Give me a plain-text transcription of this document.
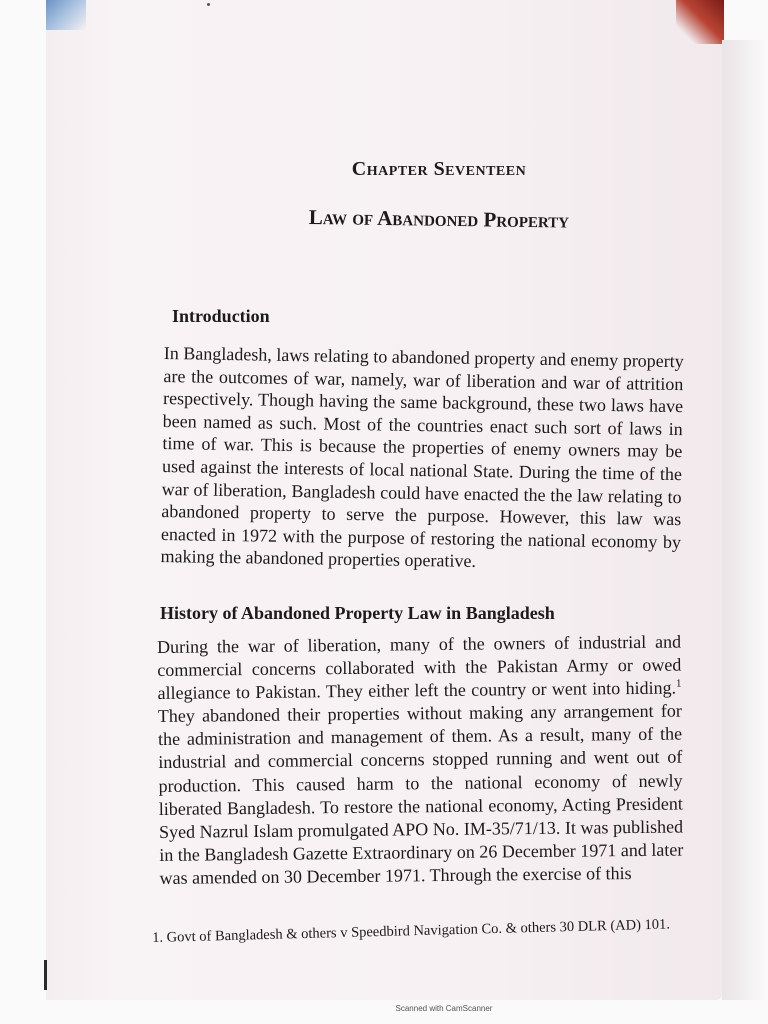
Chapter Seventeen
Law of Abandoned Property
Introduction

In Bangladesh, laws relating to abandoned property and enemy property are the outcomes of war, namely, war of liberation and war of attrition respectively. Though having the same background, these two laws have been named as such. Most of the countries enact such sort of laws in time of war. This is because the properties of enemy owners may be used against the interests of local national State. During the time of the war of liberation, Bangladesh could have enacted the the law relating to abandoned property to serve the purpose. However, this law was enacted in 1972 with the purpose of restoring the national economy by making the abandoned properties operative.

History of Abandoned Property Law in Bangladesh

During the war of liberation, many of the owners of industrial and commercial concerns collaborated with the Pakistan Army or owed allegiance to Pakistan. They either left the country or went into hiding.$^1$ They abandoned their properties without making any arrangement for the administration and management of them. As a result, many of the industrial and commercial concerns stopped running and went out of production. This caused harm to the national economy of newly liberated Bangladesh. To restore the national economy, Acting President Syed Nazrul Islam promulgated APO No. IM-35/71/13. It was published in the Bangladesh Gazette Extraordinary on 26 December 1971 and later was amended on 30 December 1971. Through the exercise of this

1. Govt of Bangladesh & others v Speedbird Navigation Co. & others 30 DLR (AD) 101.

Scanned with CamScanner
